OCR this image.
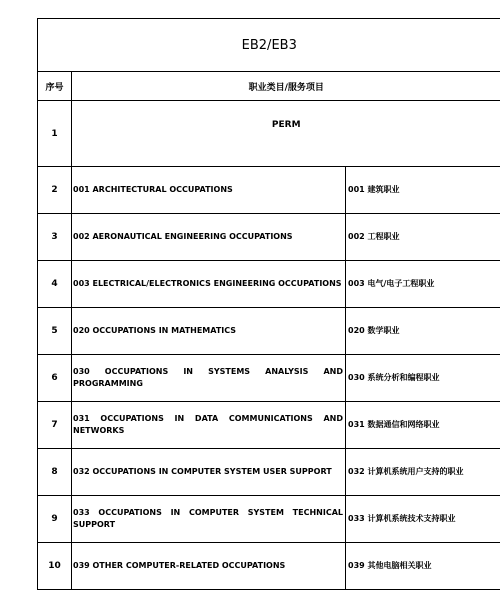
EB2/EB3		
序号	职业类目/服务项目	
1	PERM	
2	001 ARCHITECTURAL OCCUPATIONS	001 建筑职业
3	002 AERONAUTICAL ENGINEERING OCCUPATIONS	002 工程职业
4	003 ELECTRICAL/ELECTRONICS ENGINEERING OCCUPATIONS	003 电气/电子工程职业
5	020 OCCUPATIONS IN MATHEMATICS	020 数学职业
6	030 OCCUPATIONS IN SYSTEMS ANALYSIS AND PROGRAMMING	030 系统分析和编程职业
7	031 OCCUPATIONS IN DATA COMMUNICATIONS AND NETWORKS	031 数据通信和网络职业
8	032 OCCUPATIONS IN COMPUTER SYSTEM USER SUPPORT	032 计算机系统用户支持的职业
9	033 OCCUPATIONS IN COMPUTER SYSTEM TECHNICAL SUPPORT	033 计算机系统技术支持职业
10	039 OTHER COMPUTER-RELATED OCCUPATIONS	039 其他电脑相关职业
